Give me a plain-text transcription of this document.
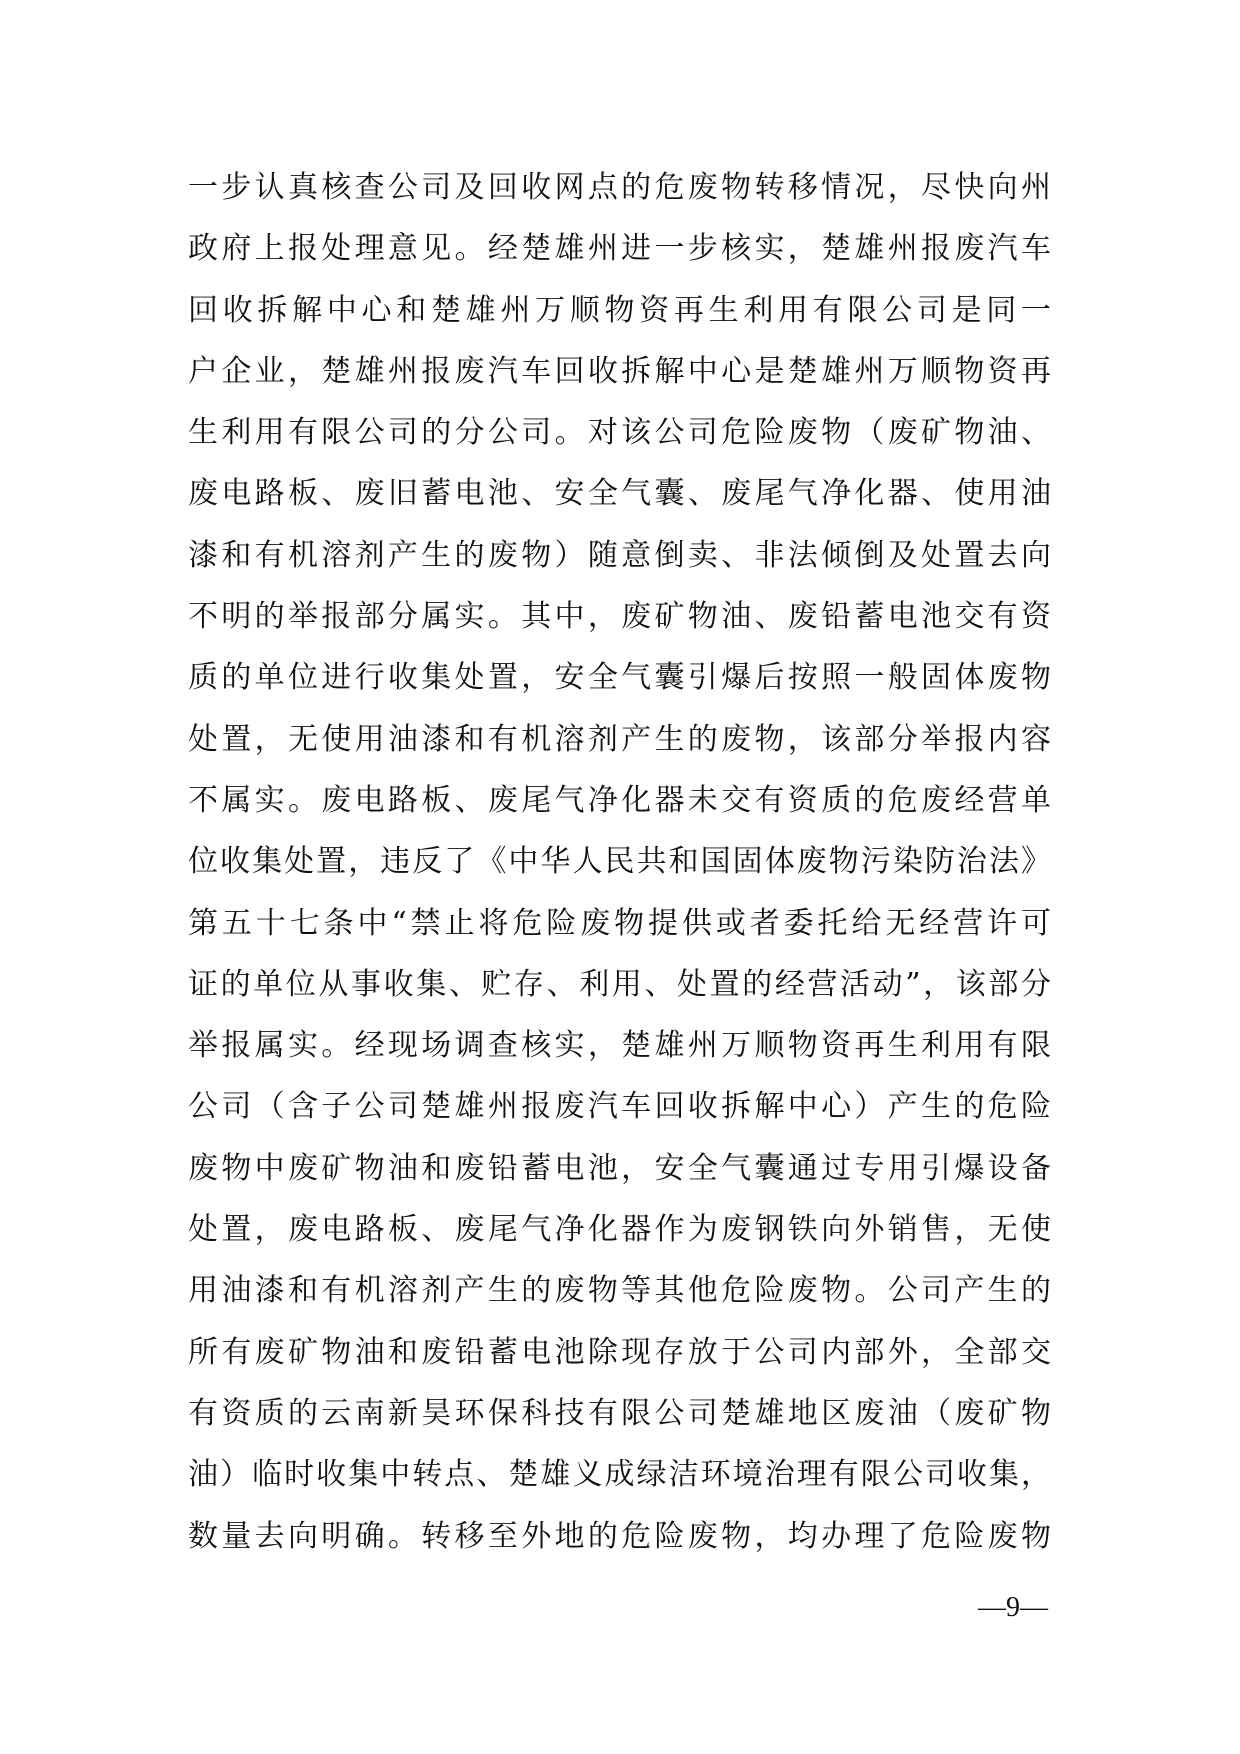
一步认真核查公司及回收网点的危废物转移情况，尽快向州
政府上报处理意见。经楚雄州进一步核实，楚雄州报废汽车
回收拆解中心和楚雄州万顺物资再生利用有限公司是同一
户企业，楚雄州报废汽车回收拆解中心是楚雄州万顺物资再
生利用有限公司的分公司。对该公司危险废物（废矿物油、
废电路板、废旧蓄电池、安全气囊、废尾气净化器、使用油
漆和有机溶剂产生的废物）随意倒卖、非法倾倒及处置去向
不明的举报部分属实。其中，废矿物油、废铅蓄电池交有资
质的单位进行收集处置，安全气囊引爆后按照一般固体废物
处置，无使用油漆和有机溶剂产生的废物，该部分举报内容
不属实。废电路板、废尾气净化器未交有资质的危废经营单
位收集处置，违反了《中华人民共和国固体废物污染防治法》
第五十七条中“禁止将危险废物提供或者委托给无经营许可
证的单位从事收集、贮存、利用、处置的经营活动”，该部分
举报属实。经现场调查核实，楚雄州万顺物资再生利用有限
公司（含子公司楚雄州报废汽车回收拆解中心）产生的危险
废物中废矿物油和废铅蓄电池，安全气囊通过专用引爆设备
处置，废电路板、废尾气净化器作为废钢铁向外销售，无使
用油漆和有机溶剂产生的废物等其他危险废物。公司产生的
所有废矿物油和废铅蓄电池除现存放于公司内部外，全部交
有资质的云南新昊环保科技有限公司楚雄地区废油（废矿物
油）临时收集中转点、楚雄义成绿洁环境治理有限公司收集，
数量去向明确。转移至外地的危险废物，均办理了危险废物
—9—
